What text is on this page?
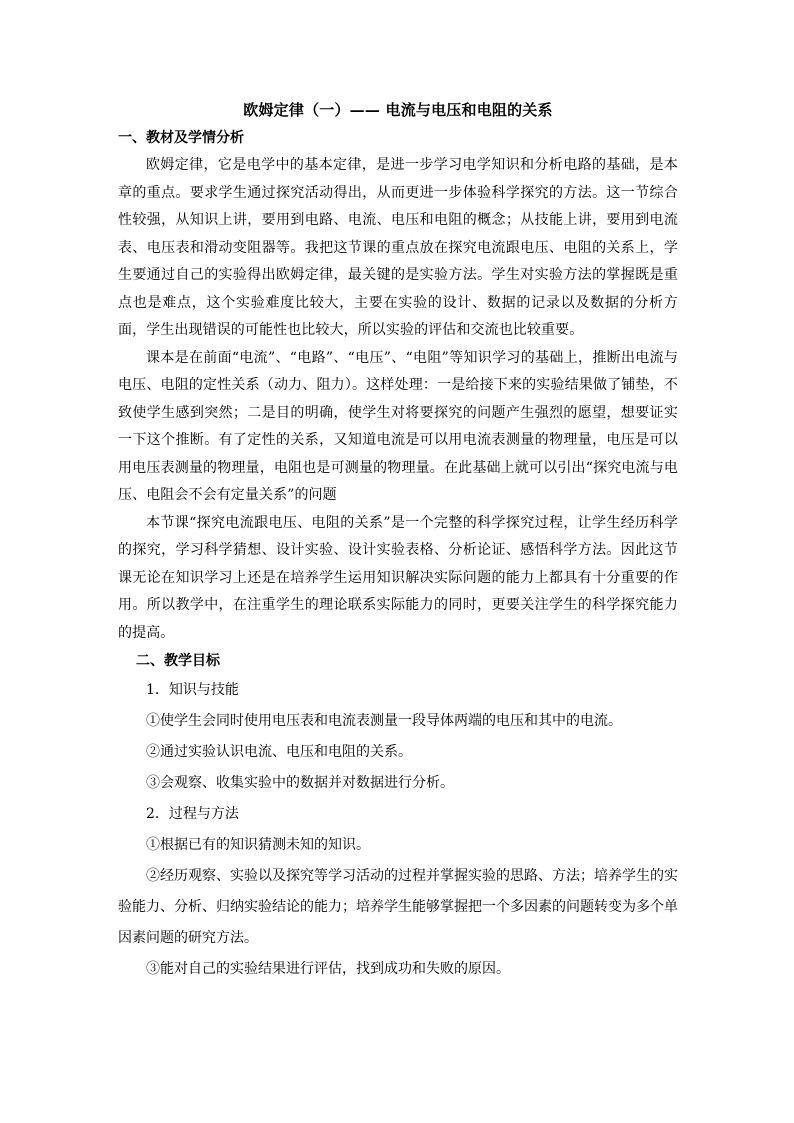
欧姆定律（一）—— 电流与电压和电阻的关系
一、教材及学情分析

欧姆定律，它是电学中的基本定律，是进一步学习电学知识和分析电路的基础，是本章的重点。要求学生通过探究活动得出，从而更进一步体验科学探究的方法。这一节综合性较强，从知识上讲，要用到电路、电流、电压和电阻的概念；从技能上讲，要用到电流表、电压表和滑动变阻器等。我把这节课的重点放在探究电流跟电压、电阻的关系上，学生要通过自己的实验得出欧姆定律，最关键的是实验方法。学生对实验方法的掌握既是重点也是难点，这个实验难度比较大，主要在实验的设计、数据的记录以及数据的分析方面，学生出现错误的可能性也比较大，所以实验的评估和交流也比较重要。

课本是在前面“电流”、“电路”、“电压”、“电阻”等知识学习的基础上，推断出电流与电压、电阻的定性关系（动力、阻力）。这样处理：一是给接下来的实验结果做了铺垫，不致使学生感到突然；二是目的明确，使学生对将要探究的问题产生强烈的愿望，想要证实一下这个推断。有了定性的关系，又知道电流是可以用电流表测量的物理量，电压是可以用电压表测量的物理量，电阻也是可测量的物理量。在此基础上就可以引出“探究电流与电压、电阻会不会有定量关系”的问题

本节课“探究电流跟电压、电阻的关系”是一个完整的科学探究过程，让学生经历科学的探究，学习科学猜想、设计实验、设计实验表格、分析论证、感悟科学方法。因此这节课无论在知识学习上还是在培养学生运用知识解决实际问题的能力上都具有十分重要的作用。所以教学中，在注重学生的理论联系实际能力的同时，更要关注学生的科学探究能力的提高。

二、教学目标

1．知识与技能

①使学生会同时使用电压表和电流表测量一段导体两端的电压和其中的电流。

②通过实验认识电流、电压和电阻的关系。

③会观察、收集实验中的数据并对数据进行分析。

2．过程与方法

①根据已有的知识猜测未知的知识。

②经历观察、实验以及探究等学习活动的过程并掌握实验的思路、方法；培养学生的实验能力、分析、归纳实验结论的能力；培养学生能够掌握把一个多因素的问题转变为多个单因素问题的研究方法。

③能对自己的实验结果进行评估，找到成功和失败的原因。
